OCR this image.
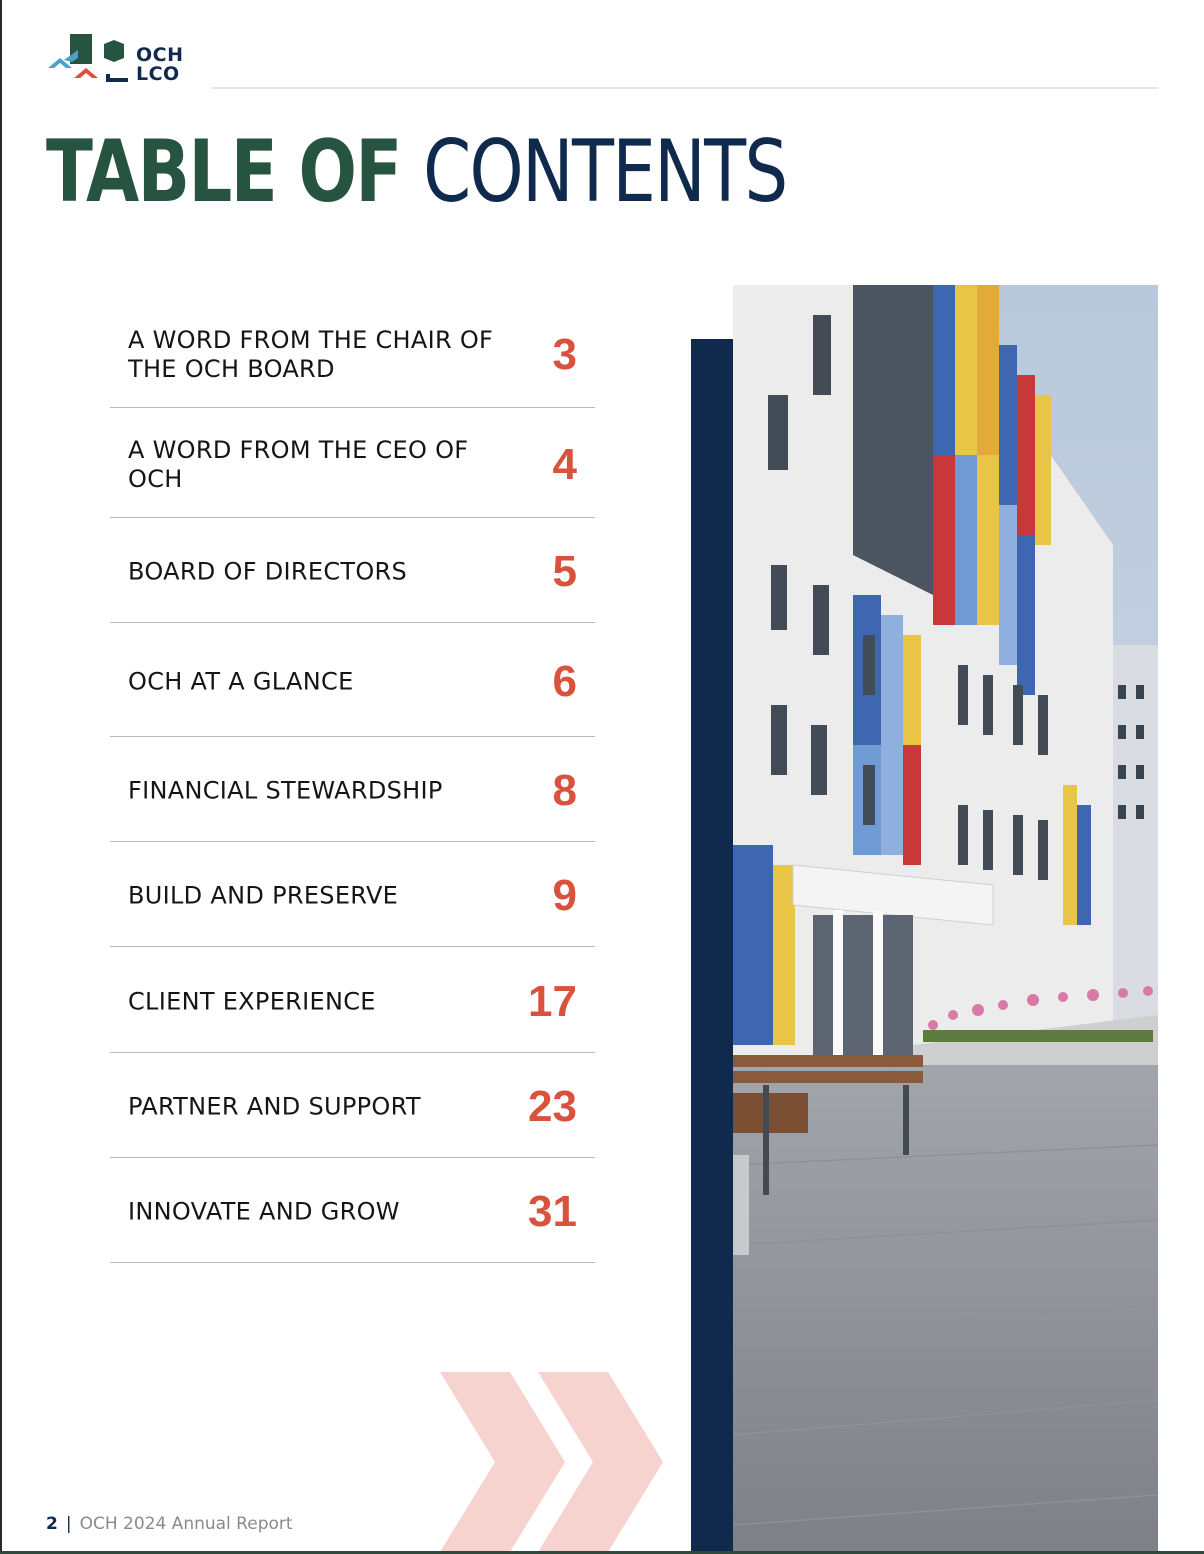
OCH
LCO
TABLE OF CONTENTS
A WORD FROM THE CHAIR OF THE OCH BOARD	3
A WORD FROM THE CEO OF OCH	4
BOARD OF DIRECTORS	5
OCH AT A GLANCE	6
FINANCIAL STEWARDSHIP	8
BUILD AND PRESERVE	9
CLIENT EXPERIENCE	17
PARTNER AND SUPPORT	23
INNOVATE AND GROW	31
2 | OCH 2024 Annual Report
